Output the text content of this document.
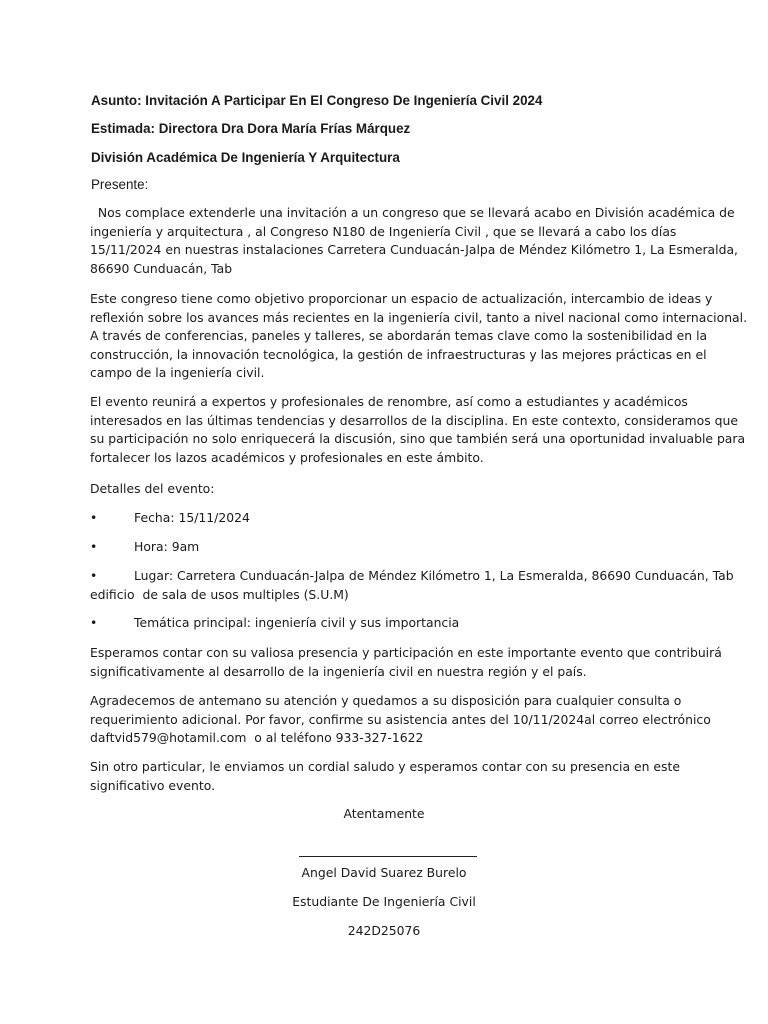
Asunto: Invitación A Participar En El Congreso De Ingeniería Civil 2024
Estimada: Directora Dra Dora María Frías Márquez
División Académica De Ingeniería Y Arquitectura
Presente:
Nos complace extenderle una invitación a un congreso que se llevará acabo en División académica de
ingeniería y arquitectura , al Congreso N180 de Ingeniería Civil , que se llevará a cabo los días
15/11/2024 en nuestras instalaciones Carretera Cunduacán-Jalpa de Méndez Kilómetro 1, La Esmeralda,
86690 Cunduacán, Tab
Este congreso tiene como objetivo proporcionar un espacio de actualización, intercambio de ideas y
reflexión sobre los avances más recientes en la ingeniería civil, tanto a nivel nacional como internacional.
A través de conferencias, paneles y talleres, se abordarán temas clave como la sostenibilidad en la
construcción, la innovación tecnológica, la gestión de infraestructuras y las mejores prácticas en el
campo de la ingeniería civil.
El evento reunirá a expertos y profesionales de renombre, así como a estudiantes y académicos
interesados en las últimas tendencias y desarrollos de la disciplina. En este contexto, consideramos que
su participación no solo enriquecerá la discusión, sino que también será una oportunidad invaluable para
fortalecer los lazos académicos y profesionales en este ámbito.
Detalles del evento:
•	Fecha: 15/11/2024
•	Hora: 9am
•	Lugar: Carretera Cunduacán-Jalpa de Méndez Kilómetro 1, La Esmeralda, 86690 Cunduacán, Tab
edificio  de sala de usos multiples (S.U.M)
•	Temática principal: ingeniería civil y sus importancia
Esperamos contar con su valiosa presencia y participación en este importante evento que contribuirá
significativamente al desarrollo de la ingeniería civil en nuestra región y el país.
Agradecemos de antemano su atención y quedamos a su disposición para cualquier consulta o
requerimiento adicional. Por favor, confirme su asistencia antes del 10/11/2024al correo electrónico
daftvid579@hotamil.com  o al teléfono 933-327-1622
Sin otro particular, le enviamos un cordial saludo y esperamos contar con su presencia en este
significativo evento.
Atentamente
Angel David Suarez Burelo
Estudiante De Ingeniería Civil
242D25076
